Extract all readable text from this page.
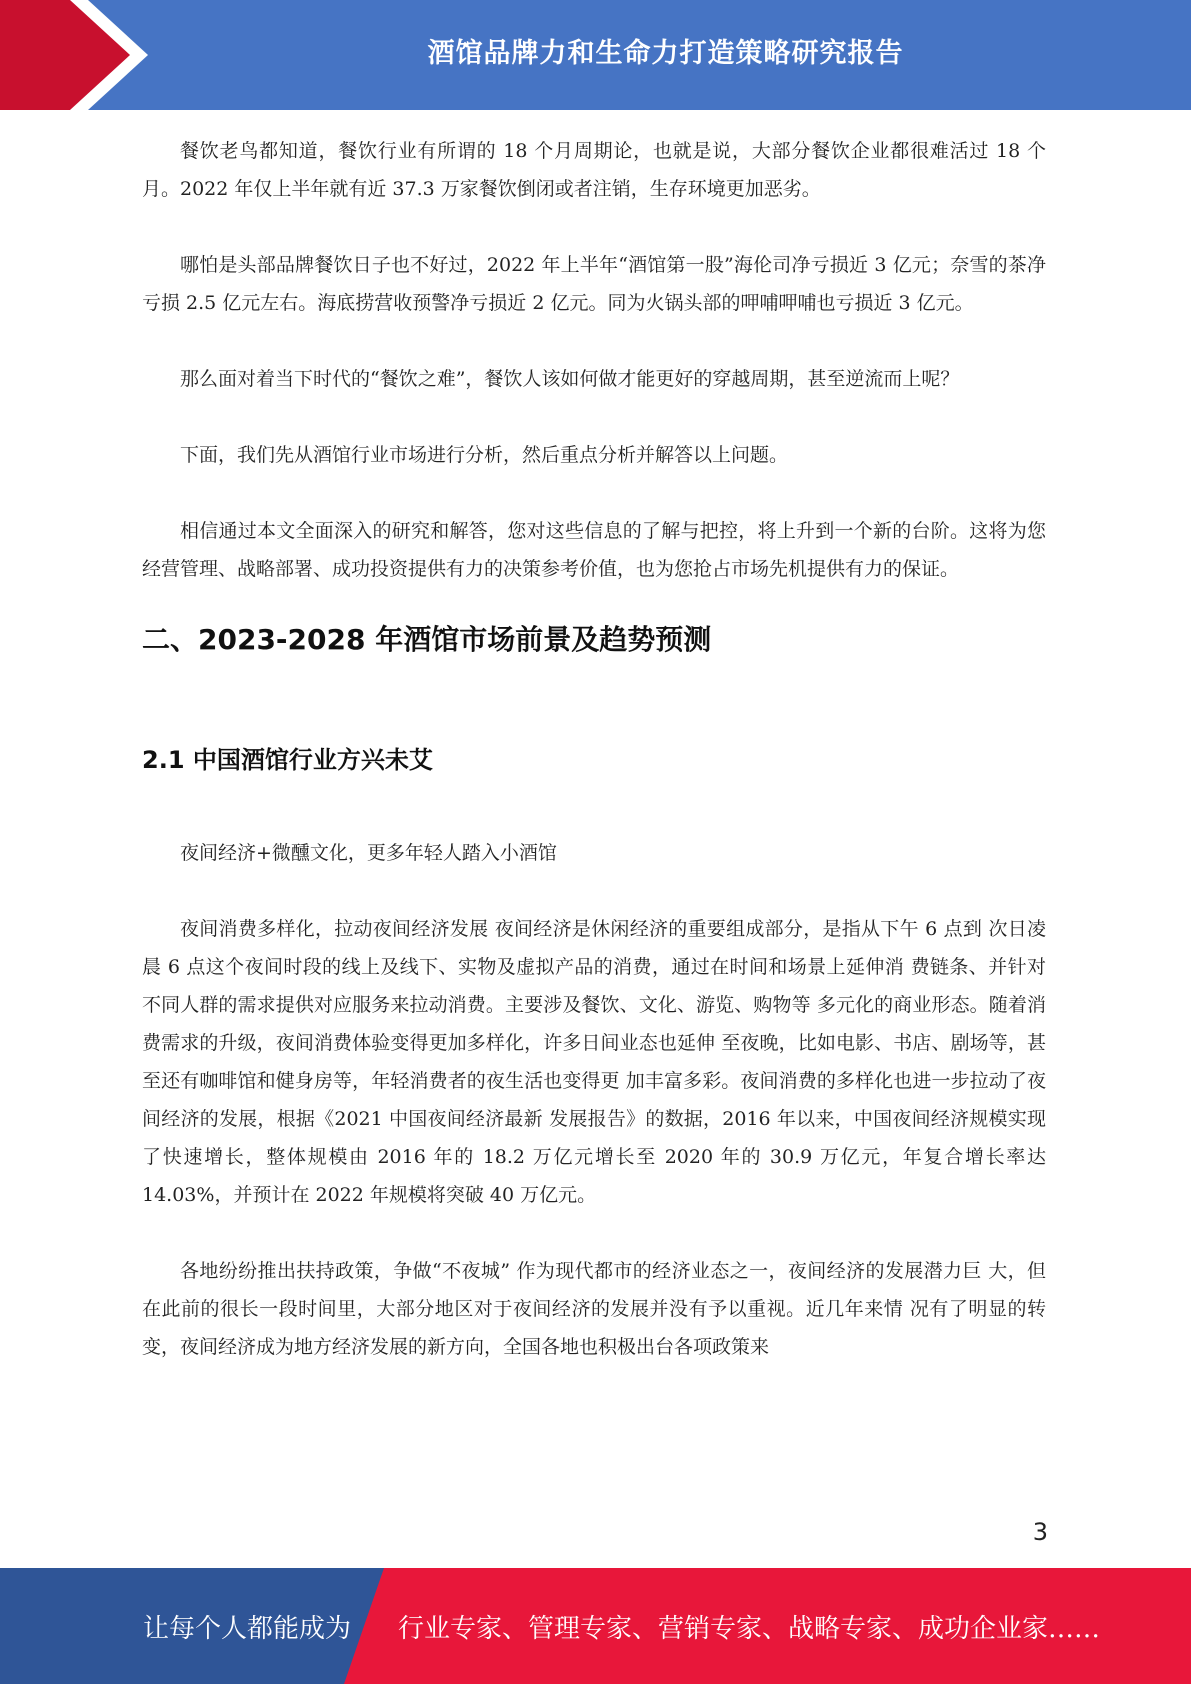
酒馆品牌力和生命力打造策略研究报告

餐饮老鸟都知道，餐饮行业有所谓的 18 个月周期论，也就是说，大部分餐饮企业都很难活过 18 个月。2022 年仅上半年就有近 37.3 万家餐饮倒闭或者注销，生存环境更加恶劣。

哪怕是头部品牌餐饮日子也不好过，2022 年上半年“酒馆第一股”海伦司净亏损近 3 亿元；奈雪的茶净亏损 2.5 亿元左右。海底捞营收预警净亏损近 2 亿元。同为火锅头部的呷哺呷哺也亏损近 3 亿元。

那么面对着当下时代的“餐饮之难”，餐饮人该如何做才能更好的穿越周期，甚至逆流而上呢？

下面，我们先从酒馆行业市场进行分析，然后重点分析并解答以上问题。

相信通过本文全面深入的研究和解答，您对这些信息的了解与把控，将上升到一个新的台阶。这将为您经营管理、战略部署、成功投资提供有力的决策参考价值，也为您抢占市场先机提供有力的保证。

二、2023-2028 年酒馆市场前景及趋势预测
2.1 中国酒馆行业方兴未艾

夜间经济+微醺文化，更多年轻人踏入小酒馆

夜间消费多样化，拉动夜间经济发展 夜间经济是休闲经济的重要组成部分，是指从下午 6 点到 次日凌晨 6 点这个夜间时段的线上及线下、实物及虚拟产品的消费，通过在时间和场景上延伸消 费链条、并针对不同人群的需求提供对应服务来拉动消费。主要涉及餐饮、文化、游览、购物等 多元化的商业形态。随着消费需求的升级，夜间消费体验变得更加多样化，许多日间业态也延伸 至夜晚，比如电影、书店、剧场等，甚至还有咖啡馆和健身房等，年轻消费者的夜生活也变得更 加丰富多彩。夜间消费的多样化也进一步拉动了夜间经济的发展，根据《2021 中国夜间经济最新 发展报告》的数据，2016 年以来，中国夜间经济规模实现了快速增长，整体规模由 2016 年的 18.2 万亿元增长至 2020 年的 30.9 万亿元，年复合增长率达 14.03%，并预计在 2022 年规模将突破 40 万亿元。

各地纷纷推出扶持政策，争做“不夜城” 作为现代都市的经济业态之一，夜间经济的发展潜力巨 大，但在此前的很长一段时间里，大部分地区对于夜间经济的发展并没有予以重视。近几年来情 况有了明显的转变，夜间经济成为地方经济发展的新方向，全国各地也积极出台各项政策来

3
让每个人都能成为 行业专家、管理专家、营销专家、战略专家、成功企业家……
